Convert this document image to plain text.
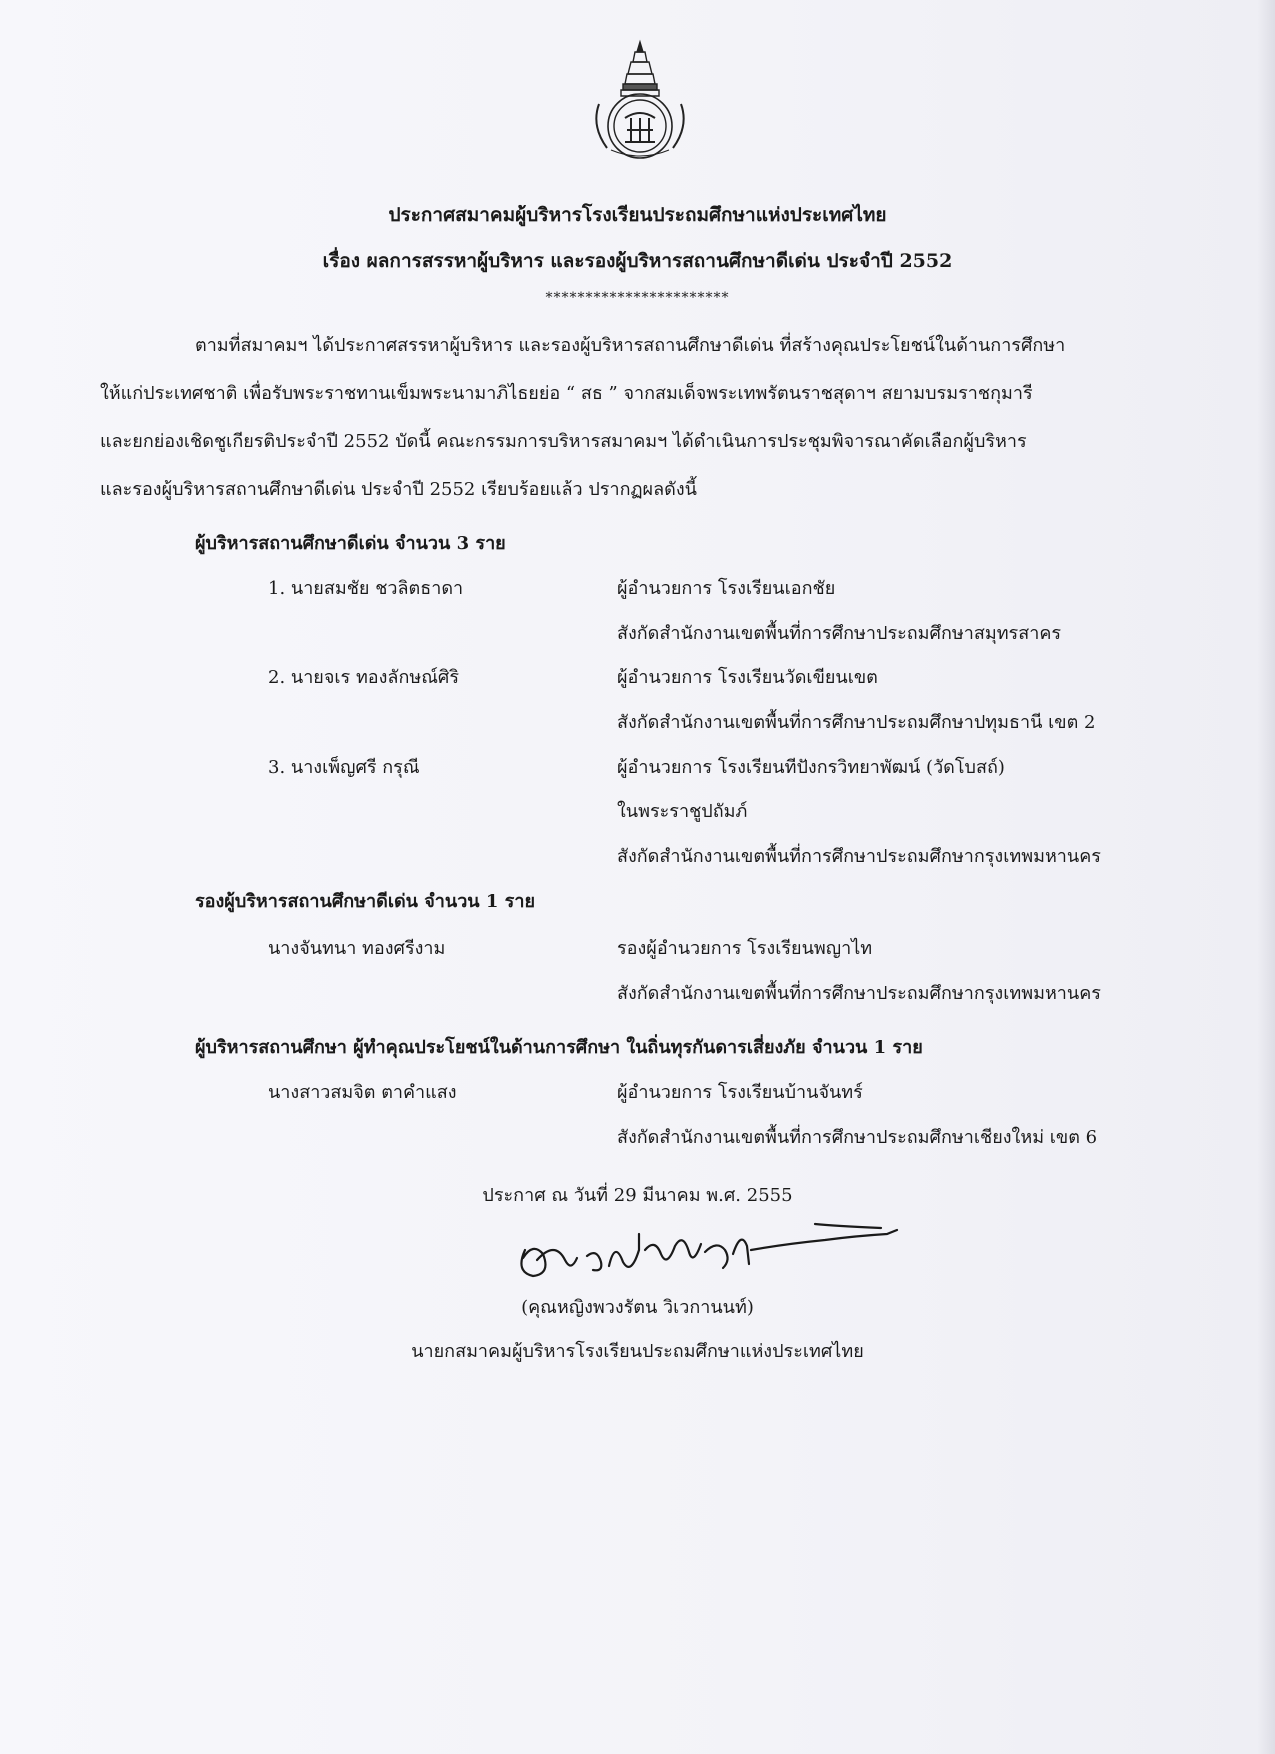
ประกาศสมาคมผู้บริหารโรงเรียนประถมศึกษาแห่งประเทศไทย
เรื่อง ผลการสรรหาผู้บริหาร และรองผู้บริหารสถานศึกษาดีเด่น ประจำปี 2552
***********************
ตามที่สมาคมฯ ได้ประกาศสรรหาผู้บริหาร และรองผู้บริหารสถานศึกษาดีเด่น ที่สร้างคุณประโยชน์ในด้านการศึกษา
ให้แก่ประเทศชาติ เพื่อรับพระราชทานเข็มพระนามาภิไธยย่อ “ สธ ” จากสมเด็จพระเทพรัตนราชสุดาฯ สยามบรมราชกุมารี
และยกย่องเชิดชูเกียรติประจำปี 2552 บัดนี้ คณะกรรมการบริหารสมาคมฯ ได้ดำเนินการประชุมพิจารณาคัดเลือกผู้บริหาร
และรองผู้บริหารสถานศึกษาดีเด่น ประจำปี 2552 เรียบร้อยแล้ว ปรากฏผลดังนี้
ผู้บริหารสถานศึกษาดีเด่น จำนวน 3 ราย
1. นายสมชัย ชวลิตธาดา	ผู้อำนวยการ โรงเรียนเอกชัย
สังกัดสำนักงานเขตพื้นที่การศึกษาประถมศึกษาสมุทรสาคร
2. นายจเร ทองลักษณ์ศิริ	ผู้อำนวยการ โรงเรียนวัดเขียนเขต
สังกัดสำนักงานเขตพื้นที่การศึกษาประถมศึกษาปทุมธานี เขต 2
3. นางเพ็ญศรี กรุณี	ผู้อำนวยการ โรงเรียนทีปังกรวิทยาพัฒน์ (วัดโบสถ์)
ในพระราชูปถัมภ์
สังกัดสำนักงานเขตพื้นที่การศึกษาประถมศึกษากรุงเทพมหานคร
รองผู้บริหารสถานศึกษาดีเด่น จำนวน 1 ราย
นางจันทนา ทองศรีงาม	รองผู้อำนวยการ โรงเรียนพญาไท
สังกัดสำนักงานเขตพื้นที่การศึกษาประถมศึกษากรุงเทพมหานคร
ผู้บริหารสถานศึกษา ผู้ทำคุณประโยชน์ในด้านการศึกษา ในถิ่นทุรกันดารเสี่ยงภัย จำนวน 1 ราย
นางสาวสมจิต ตาคำแสง	ผู้อำนวยการ โรงเรียนบ้านจันทร์
สังกัดสำนักงานเขตพื้นที่การศึกษาประถมศึกษาเชียงใหม่ เขต 6
ประกาศ ณ วันที่ 29 มีนาคม พ.ศ. 2555
(คุณหญิงพวงรัตน วิเวกานนท์)
นายกสมาคมผู้บริหารโรงเรียนประถมศึกษาแห่งประเทศไทย
